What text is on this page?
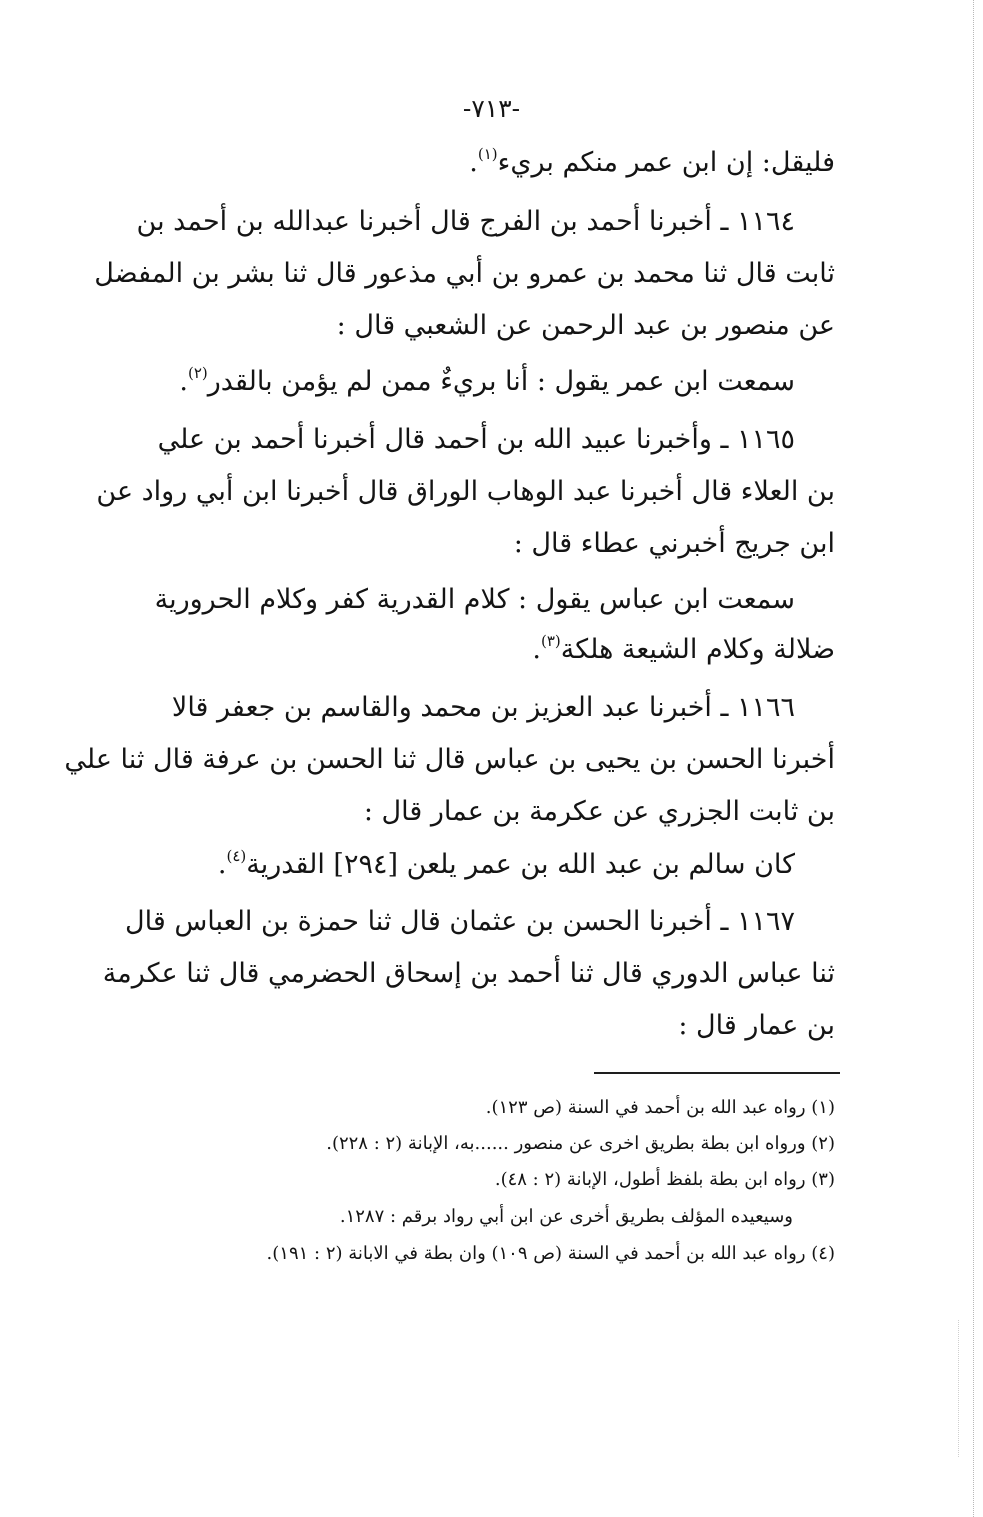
-٧١٣-
فليقل: إن ابن عمر منكم بريء$^{(١)}$.
١١٦٤ ـ أخبرنا أحمد بن الفرج قال أخبرنا عبدالله بن أحمد بن
ثابت قال ثنا محمد بن عمرو بن أبي مذعور قال ثنا بشر بن المفضل
عن منصور بن عبد الرحمن عن الشعبي قال :
سمعت ابن عمر يقول : أنا بريءٌ ممن لم يؤمن بالقدر$^{(٢)}$.
١١٦٥ ـ وأخبرنا عبيد الله بن أحمد قال أخبرنا أحمد بن علي
بن العلاء قال أخبرنا عبد الوهاب الوراق قال أخبرنا ابن أبي رواد عن
ابن جريج أخبرني عطاء قال :
سمعت ابن عباس يقول : كلام القدرية كفر وكلام الحرورية
ضلالة وكلام الشيعة هلكة$^{(٣)}$.
١١٦٦ ـ أخبرنا عبد العزيز بن محمد والقاسم بن جعفر قالا
أخبرنا الحسن بن يحيى بن عباس قال ثنا الحسن بن عرفة قال ثنا علي
بن ثابت الجزري عن عكرمة بن عمار قال :
كان سالم بن عبد الله بن عمر يلعن [٢٩٤] القدرية$^{(٤)}$.
١١٦٧ ـ أخبرنا الحسن بن عثمان قال ثنا حمزة بن العباس قال
ثنا عباس الدوري قال ثنا أحمد بن إسحاق الحضرمي قال ثنا عكرمة
بن عمار قال :
(١) رواه عبد الله بن أحمد في السنة (ص ١٢٣).
(٢) ورواه ابن بطة بطريق اخرى عن منصور ......به، الإبانة (٢ : ٢٢٨).
(٣) رواه ابن بطة بلفظ أطول، الإبانة (٢ : ٤٨).
وسيعيده المؤلف بطريق أخرى عن ابن أبي رواد برقم : ١٢٨٧.
(٤) رواه عبد الله بن أحمد في السنة (ص ١٠٩) وان بطة في الابانة (٢ : ١٩١).
